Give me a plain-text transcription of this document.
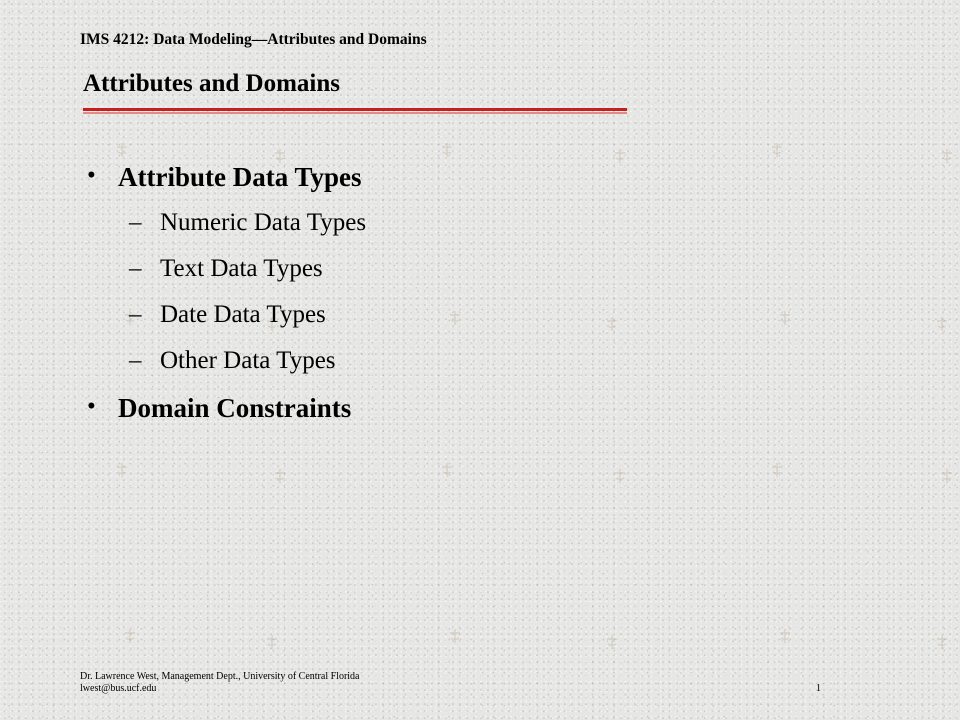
IMS 4212: Data Modeling—Attributes and Domains
Attributes and Domains
• Attribute Data Types
– Numeric Data Types
– Text Data Types
– Date Data Types
– Other Data Types
• Domain Constraints
Dr. Lawrence West, Management Dept., University of Central Florida
lwest@bus.ucf.edu	1
